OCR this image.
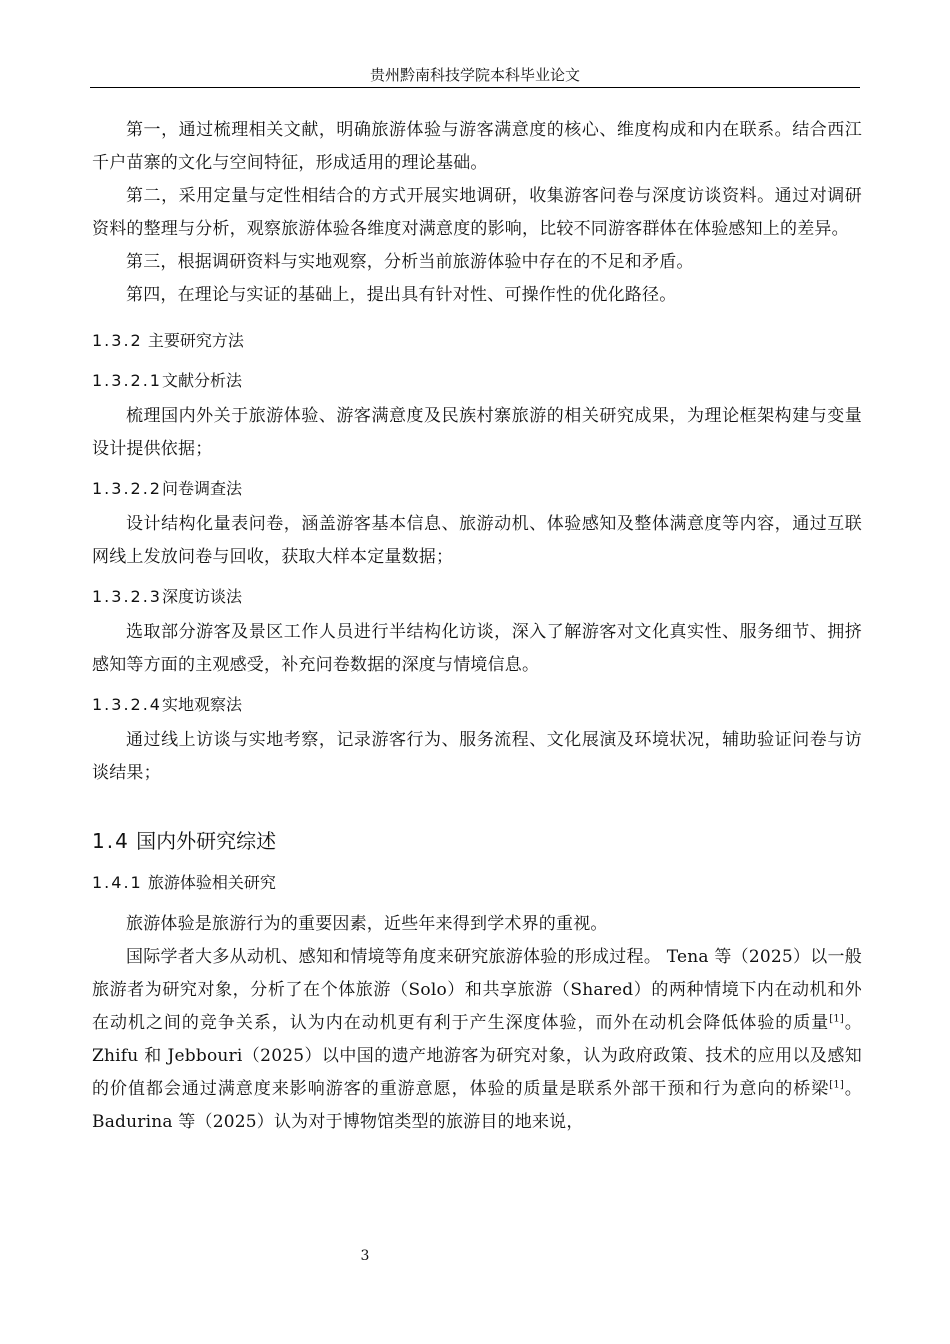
贵州黔南科技学院本科毕业论文

第一，通过梳理相关文献，明确旅游体验与游客满意度的核心、维度构成和内在联系。结合西江千户苗寨的文化与空间特征，形成适用的理论基础。

第二，采用定量与定性相结合的方式开展实地调研，收集游客问卷与深度访谈资料。通过对调研资料的整理与分析，观察旅游体验各维度对满意度的影响，比较不同游客群体在体验感知上的差异。

第三，根据调研资料与实地观察，分析当前旅游体验中存在的不足和矛盾。

第四，在理论与实证的基础上，提出具有针对性、可操作性的优化路径。

1.3.2 主要研究方法
1.3.2.1文献分析法

梳理国内外关于旅游体验、游客满意度及民族村寨旅游的相关研究成果，为理论框架构建与变量设计提供依据；

1.3.2.2问卷调查法

设计结构化量表问卷，涵盖游客基本信息、旅游动机、体验感知及整体满意度等内容，通过互联网线上发放问卷与回收，获取大样本定量数据；

1.3.2.3深度访谈法

选取部分游客及景区工作人员进行半结构化访谈，深入了解游客对文化真实性、服务细节、拥挤感知等方面的主观感受，补充问卷数据的深度与情境信息。

1.3.2.4实地观察法

通过线上访谈与实地考察，记录游客行为、服务流程、文化展演及环境状况，辅助验证问卷与访谈结果；

1.4 国内外研究综述
1.4.1 旅游体验相关研究

旅游体验是旅游行为的重要因素，近些年来得到学术界的重视。

国际学者大多从动机、感知和情境等角度来研究旅游体验的形成过程。 Tena 等（2025）以一般旅游者为研究对象，分析了在个体旅游（Solo）和共享旅游（Shared）的两种情境下内在动机和外在动机之间的竞争关系，认为内在动机更有利于产生深度体验，而外在动机会降低体验的质量[1]。Zhifu 和 Jebbouri（2025）以中国的遗产地游客为研究对象，认为政府政策、技术的应用以及感知的价值都会通过满意度来影响游客的重游意愿，体验的质量是联系外部干预和行为意向的桥梁[1]。Badurina 等（2025）认为对于博物馆类型的旅游目的地来说，

3
